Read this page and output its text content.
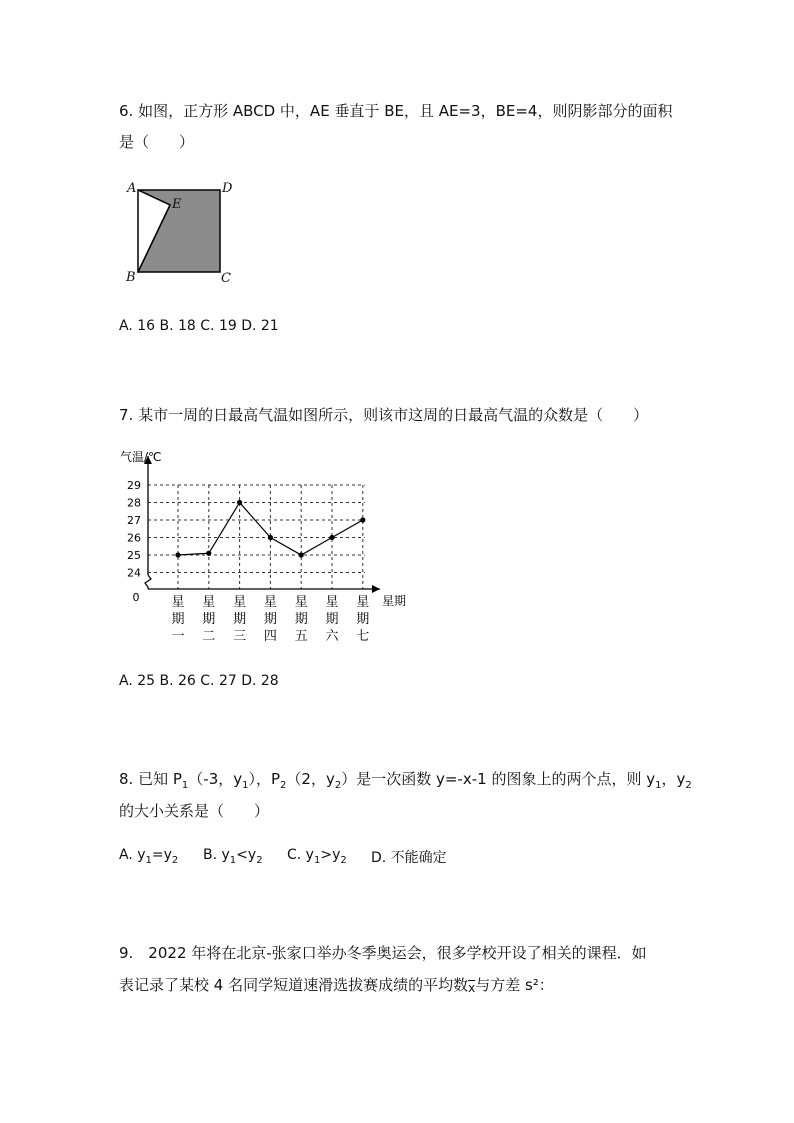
6. 如图，正方形 ABCD 中，AE 垂直于 BE，且 AE=3，BE=4，则阴影部分的面积
是（　　）
A	D
E
B	C
A. 16 B. 18 C. 19 D. 21
7. 某市一周的日最高气温如图所示，则该市这周的日最高气温的众数是（　　）
24
25
26
27
28
29
0
气温/℃
星期
星
期
一
星
期
二
星
期
三
星
期
四
星
期
五
星
期
六
星
期
七
A. 25 B. 26 C. 27 D. 28
8. 已知 $P_1(-3$，$y_1$），$P_2(2$，$y_2$）是一次函数 y=-x-1 的图象上的两个点，则 $y_1$，$y_2$
的大小关系是（　　）
A. $y_1=y_2$ B. $y_1<y_2$ C. $y_1>y_2$ D. 不能确定
9.　2022 年将在北京-张家口举办冬季奥运会，很多学校开设了相关的课程．如
表记录了某校 4 名同学短道速滑选拔赛成绩的平均数$\overline{x}$与方差 s²：
